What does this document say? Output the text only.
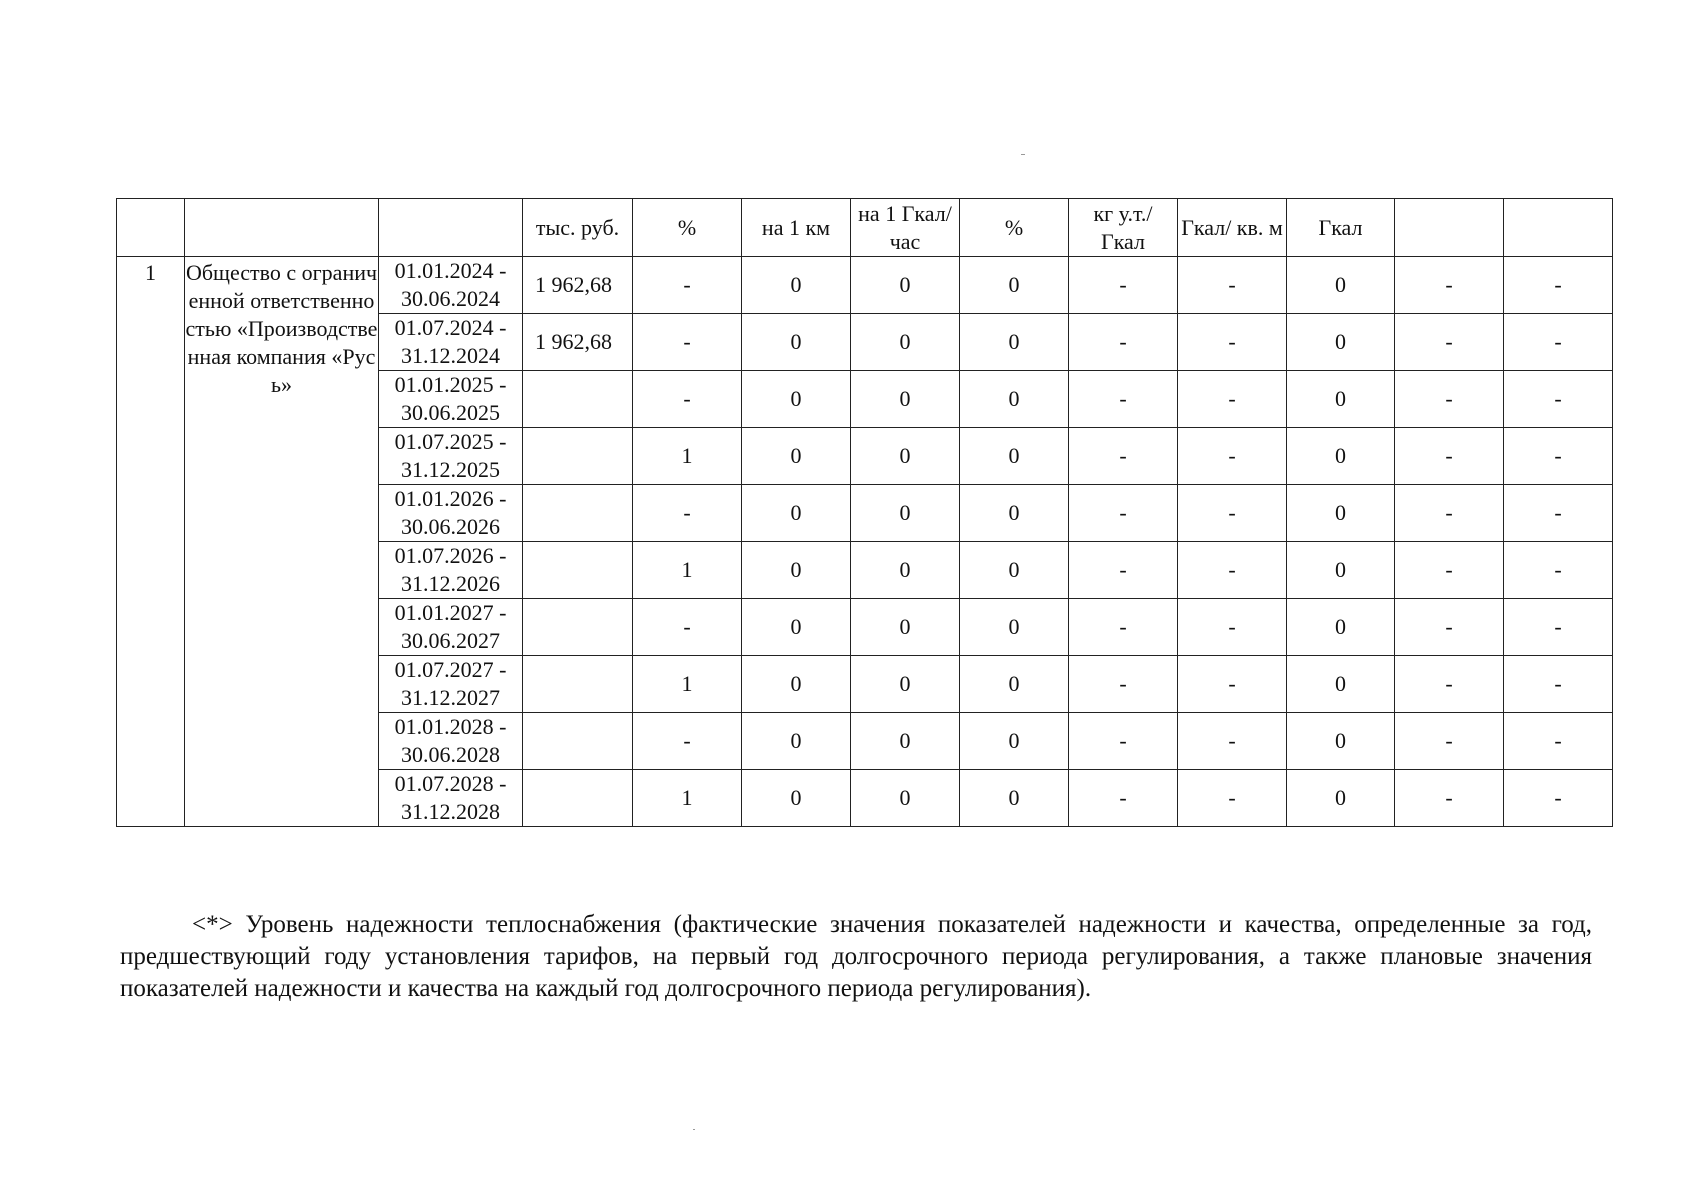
			тыс. руб.	%	на 1 км	на 1 Гкал/час	%	кг у.т./ Гкал	Гкал/ кв. м	Гкал		

1	Общество с ограниченной ответственностью «Производственная компания «Русь»	01.01.2024 - 30.06.2024	1 962,68	-	0	0	0	-	-	0	-	-
		01.07.2024 - 31.12.2024	1 962,68	-	0	0	0	-	-	0	-	-
		01.01.2025 - 30.06.2025		-	0	0	0	-	-	0	-	-
		01.07.2025 - 31.12.2025		1	0	0	0	-	-	0	-	-
		01.01.2026 - 30.06.2026		-	0	0	0	-	-	0	-	-
		01.07.2026 - 31.12.2026		1	0	0	0	-	-	0	-	-
		01.01.2027 - 30.06.2027		-	0	0	0	-	-	0	-	-
		01.07.2027 - 31.12.2027		1	0	0	0	-	-	0	-	-
		01.01.2028 - 30.06.2028		-	0	0	0	-	-	0	-	-
		01.07.2028 - 31.12.2028		1	0	0	0	-	-	0	-	-

<*> Уровень надежности теплоснабжения (фактические значения показателей надежности и качества, определенные за год, предшествующий году установления тарифов, на первый год долгосрочного периода регулирования, а также плановые значения показателей надежности и качества на каждый год долгосрочного периода регулирования).
